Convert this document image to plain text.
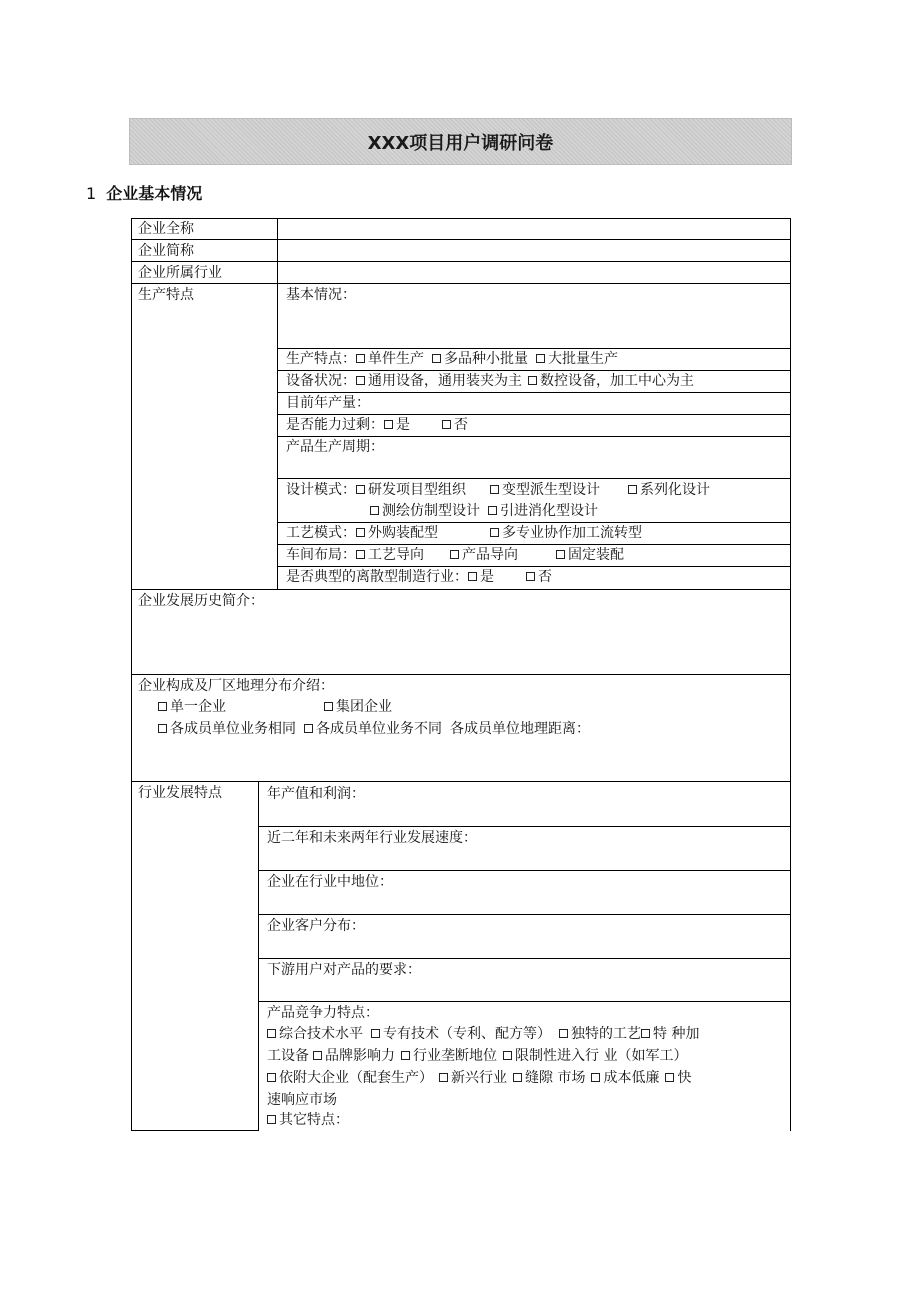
XXX项目用户调研问卷
1 企业基本情况
企业全称
企业简称
企业所属行业
生产特点	基本情况：
生产特点： 单件生产 多品种小批量 大批量生产
设备状况： 通用设备，通用装夹为主 数控设备，加工中心为主
目前年产量：
是否能力过剩： 是	否
产品生产周期：
设计模式： 研发项目型组织	变型派生型设计	系列化设计
测绘仿制型设计 引进消化型设计
工艺模式： 外购装配型	多专业协作加工流转型
车间布局： 工艺导向	产品导向	固定装配
是否典型的离散型制造行业： 是	否
企业发展历史简介：
企业构成及厂区地理分布介绍：
单一企业	集团企业
各成员单位业务相同 各成员单位业务不同 各成员单位地理距离：
行业发展特点	年产值和利润：
近二年和未来两年行业发展速度：
企业在行业中地位：
企业客户分布：
下游用户对产品的要求：
产品竞争力特点：
综合技术水平 专有技术（专利、配方等） 独特的工艺 特 种加
工设备 品牌影响力 行业垄断地位 限制性进入行 业（如军工）
依附大企业（配套生产） 新兴行业 缝隙 市场 成本低廉 快
速响应市场
其它特点：
